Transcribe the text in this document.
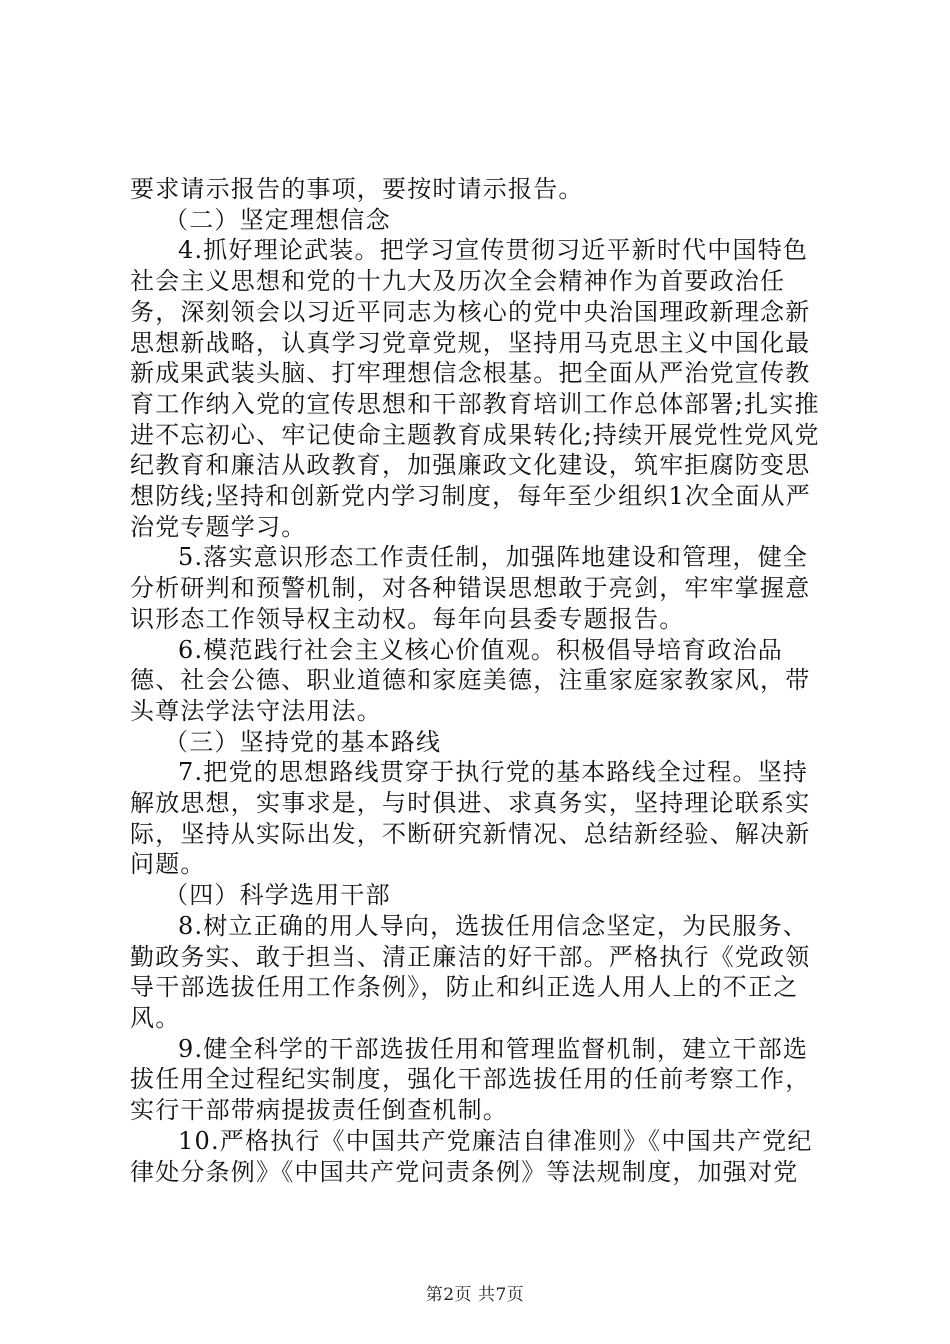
要求请示报告的事项，要按时请示报告。

（二）坚定理想信念

4.抓好理论武装。把学习宣传贯彻习近平新时代中国特色社会主义思想和党的十九大及历次全会精神作为首要政治任务，深刻领会以习近平同志为核心的党中央治国理政新理念新思想新战略，认真学习党章党规，坚持用马克思主义中国化最新成果武装头脑、打牢理想信念根基。把全面从严治党宣传教育工作纳入党的宣传思想和干部教育培训工作总体部署;扎实推进不忘初心、牢记使命主题教育成果转化;持续开展党性党风党纪教育和廉洁从政教育，加强廉政文化建设，筑牢拒腐防变思想防线;坚持和创新党内学习制度，每年至少组织1次全面从严治党专题学习。

5.落实意识形态工作责任制，加强阵地建设和管理，健全分析研判和预警机制，对各种错误思想敢于亮剑，牢牢掌握意识形态工作领导权主动权。每年向县委专题报告。

6.模范践行社会主义核心价值观。积极倡导培育政治品德、社会公德、职业道德和家庭美德，注重家庭家教家风，带头尊法学法守法用法。

（三）坚持党的基本路线

7.把党的思想路线贯穿于执行党的基本路线全过程。坚持解放思想，实事求是，与时俱进、求真务实，坚持理论联系实际，坚持从实际出发，不断研究新情况、总结新经验、解决新问题。

（四）科学选用干部

8.树立正确的用人导向，选拔任用信念坚定，为民服务、勤政务实、敢于担当、清正廉洁的好干部。严格执行《党政领导干部选拔任用工作条例》，防止和纠正选人用人上的不正之风。

9.健全科学的干部选拔任用和管理监督机制，建立干部选拔任用全过程纪实制度，强化干部选拔任用的任前考察工作，实行干部带病提拔责任倒查机制。

10.严格执行《中国共产党廉洁自律准则》《中国共产党纪律处分条例》《中国共产党问责条例》等法规制度，加强对党

第2页 共7页
